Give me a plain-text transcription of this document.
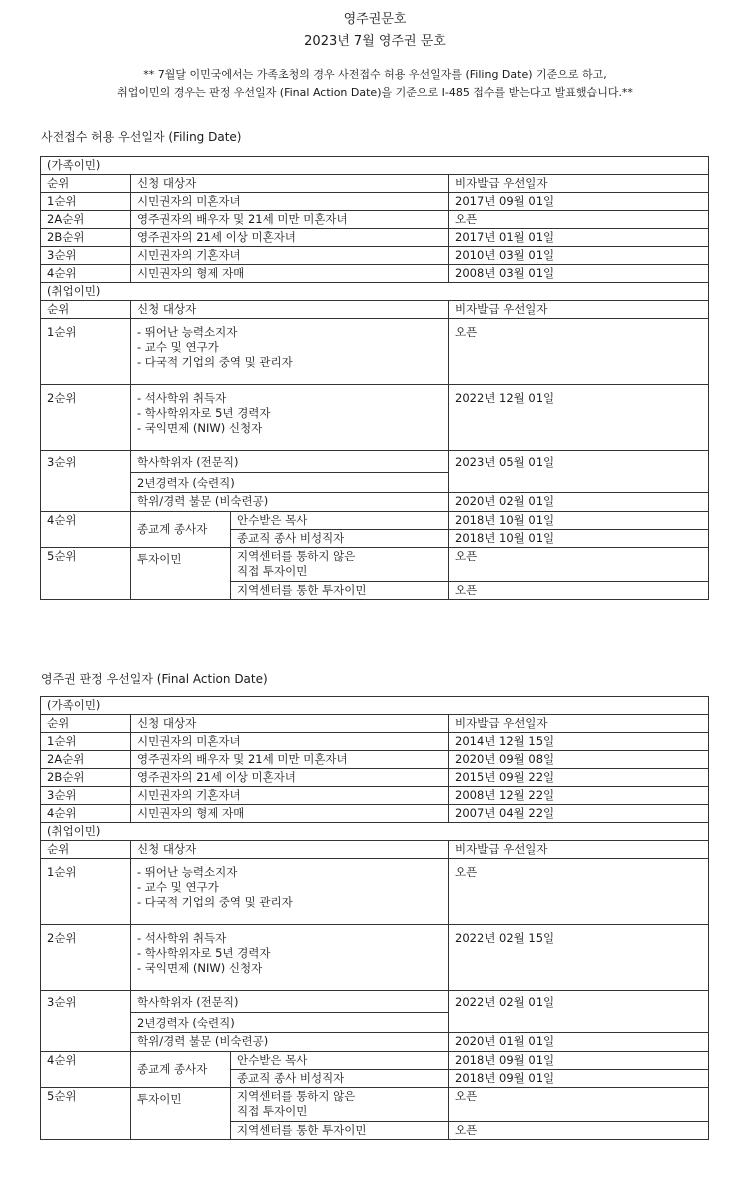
영주권문호
2023년 7월 영주권 문호
** 7월달 이민국에서는 가족초청의 경우 사전접수 허용 우선일자를 (Filing Date) 기준으로 하고,
취업이민의 경우는 판정 우선일자 (Final Action Date)을 기준으로 I-485 접수를 받는다고 발표했습니다.**
사전접수 허용 우선일자 (Filing Date)
(가족이민)			
순위	신청 대상자		비자발급 우선일자
1순위	시민권자의 미혼자녀		2017년 09월 01일
2A순위	영주권자의 배우자 및 21세 미만 미혼자녀		오픈
2B순위	영주권자의 21세 이상 미혼자녀		2017년 01월 01일
3순위	시민권자의 기혼자녀		2010년 03월 01일
4순위	시민권자의 형제 자매		2008년 03월 01일
(취업이민)			
순위	신청 대상자		비자발급 우선일자
1순위	- 뛰어난 능력소지자
- 교수 및 연구가
- 다국적 기업의 중역 및 관리자		오픈
2순위	- 석사학위 취득자
- 학사학위자로 5년 경력자
- 국익면제 (NIW) 신청자		2022년 12월 01일
3순위	학사학위자 (전문직)		2023년 05월 01일
	2년경력자 (숙련직)		
	학위/경력 불문 (비숙련공)		2020년 02월 01일
4순위	종교계 종사자	안수받은 목사	2018년 10월 01일
		종교직 종사 비성직자	2018년 10월 01일
5순위	투자이민	지역센터를 통하지 않은
직접 투자이민	오픈
		지역센터를 통한 투자이민	오픈
영주권 판정 우선일자 (Final Action Date)
(가족이민)			
순위	신청 대상자		비자발급 우선일자
1순위	시민권자의 미혼자녀		2014년 12월 15일
2A순위	영주권자의 배우자 및 21세 미만 미혼자녀		2020년 09월 08일
2B순위	영주권자의 21세 이상 미혼자녀		2015년 09월 22일
3순위	시민권자의 기혼자녀		2008년 12월 22일
4순위	시민권자의 형제 자매		2007년 04월 22일
(취업이민)			
순위	신청 대상자		비자발급 우선일자
1순위	- 뛰어난 능력소지자
- 교수 및 연구가
- 다국적 기업의 중역 및 관리자		오픈
2순위	- 석사학위 취득자
- 학사학위자로 5년 경력자
- 국익면제 (NIW) 신청자		2022년 02월 15일
3순위	학사학위자 (전문직)		2022년 02월 01일
	2년경력자 (숙련직)		
	학위/경력 불문 (비숙련공)		2020년 01월 01일
4순위	종교계 종사자	안수받은 목사	2018년 09월 01일
		종교직 종사 비성직자	2018년 09월 01일
5순위	투자이민	지역센터를 통하지 않은
직접 투자이민	오픈
		지역센터를 통한 투자이민	오픈
